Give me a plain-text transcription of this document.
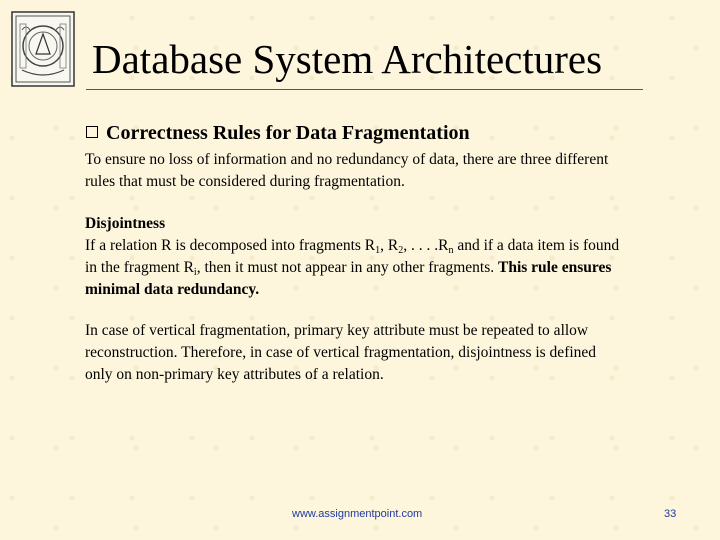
Database System Architectures
Correctness Rules for Data Fragmentation
To ensure no loss of information and no redundancy of data, there are three different rules that must be considered during fragmentation.
Disjointness
If a relation R is decomposed into fragments $R_1$, $R_2$, . . . $.R_n$ and if a data item is found in the fragment $R_i$, then it must not appear in any other fragments. This rule ensures minimal data redundancy.
In case of vertical fragmentation, primary key attribute must be repeated to allow reconstruction. Therefore, in case of vertical fragmentation, disjointness is defined only on non-primary key attributes of a relation.
www.assignmentpoint.com	33
